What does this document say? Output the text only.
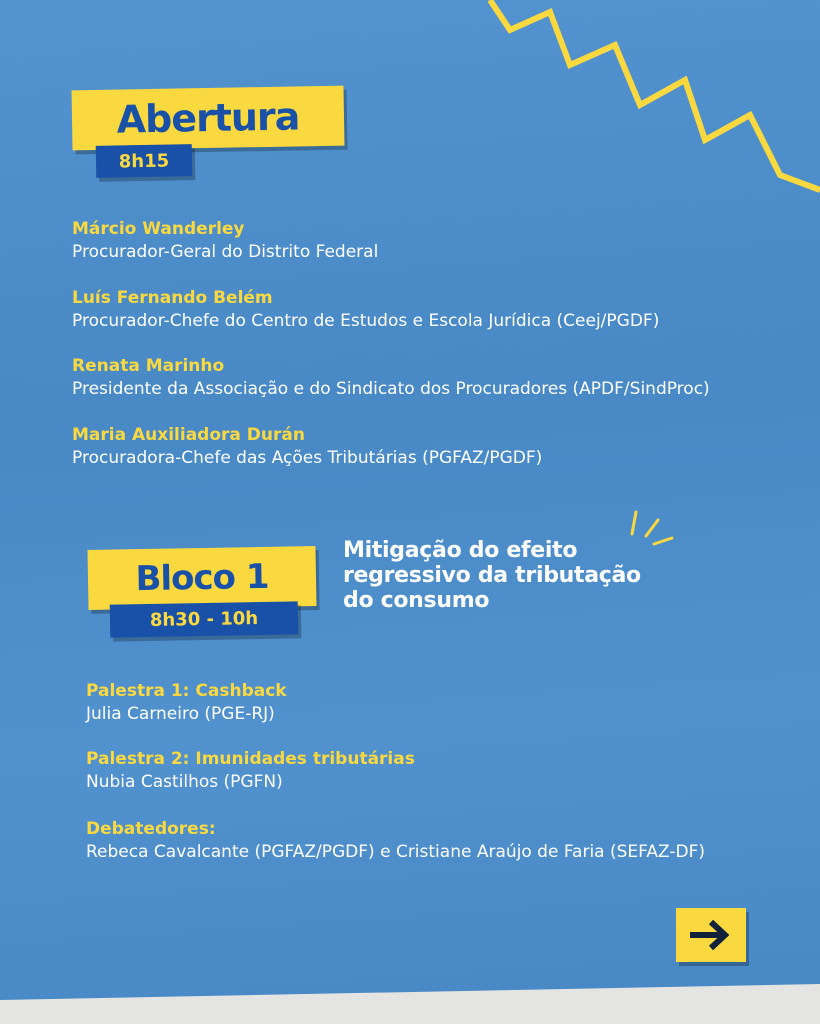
Abertura
8h15
Márcio Wanderley
Procurador-Geral do Distrito Federal
Luís Fernando Belém
Procurador-Chefe do Centro de Estudos e Escola Jurídica (Ceej/PGDF)
Renata Marinho
Presidente da Associação e do Sindicato dos Procuradores (APDF/SindProc)
Maria Auxiliadora Durán
Procuradora-Chefe das Ações Tributárias (PGFAZ/PGDF)
Bloco 1
8h30 - 10h
Mitigação do efeito
regressivo da tributação
do consumo
Palestra 1: Cashback
Julia Carneiro (PGE-RJ)
Palestra 2: Imunidades tributárias
Nubia Castilhos (PGFN)
Debatedores:
Rebeca Cavalcante (PGFAZ/PGDF) e Cristiane Araújo de Faria (SEFAZ-DF)
